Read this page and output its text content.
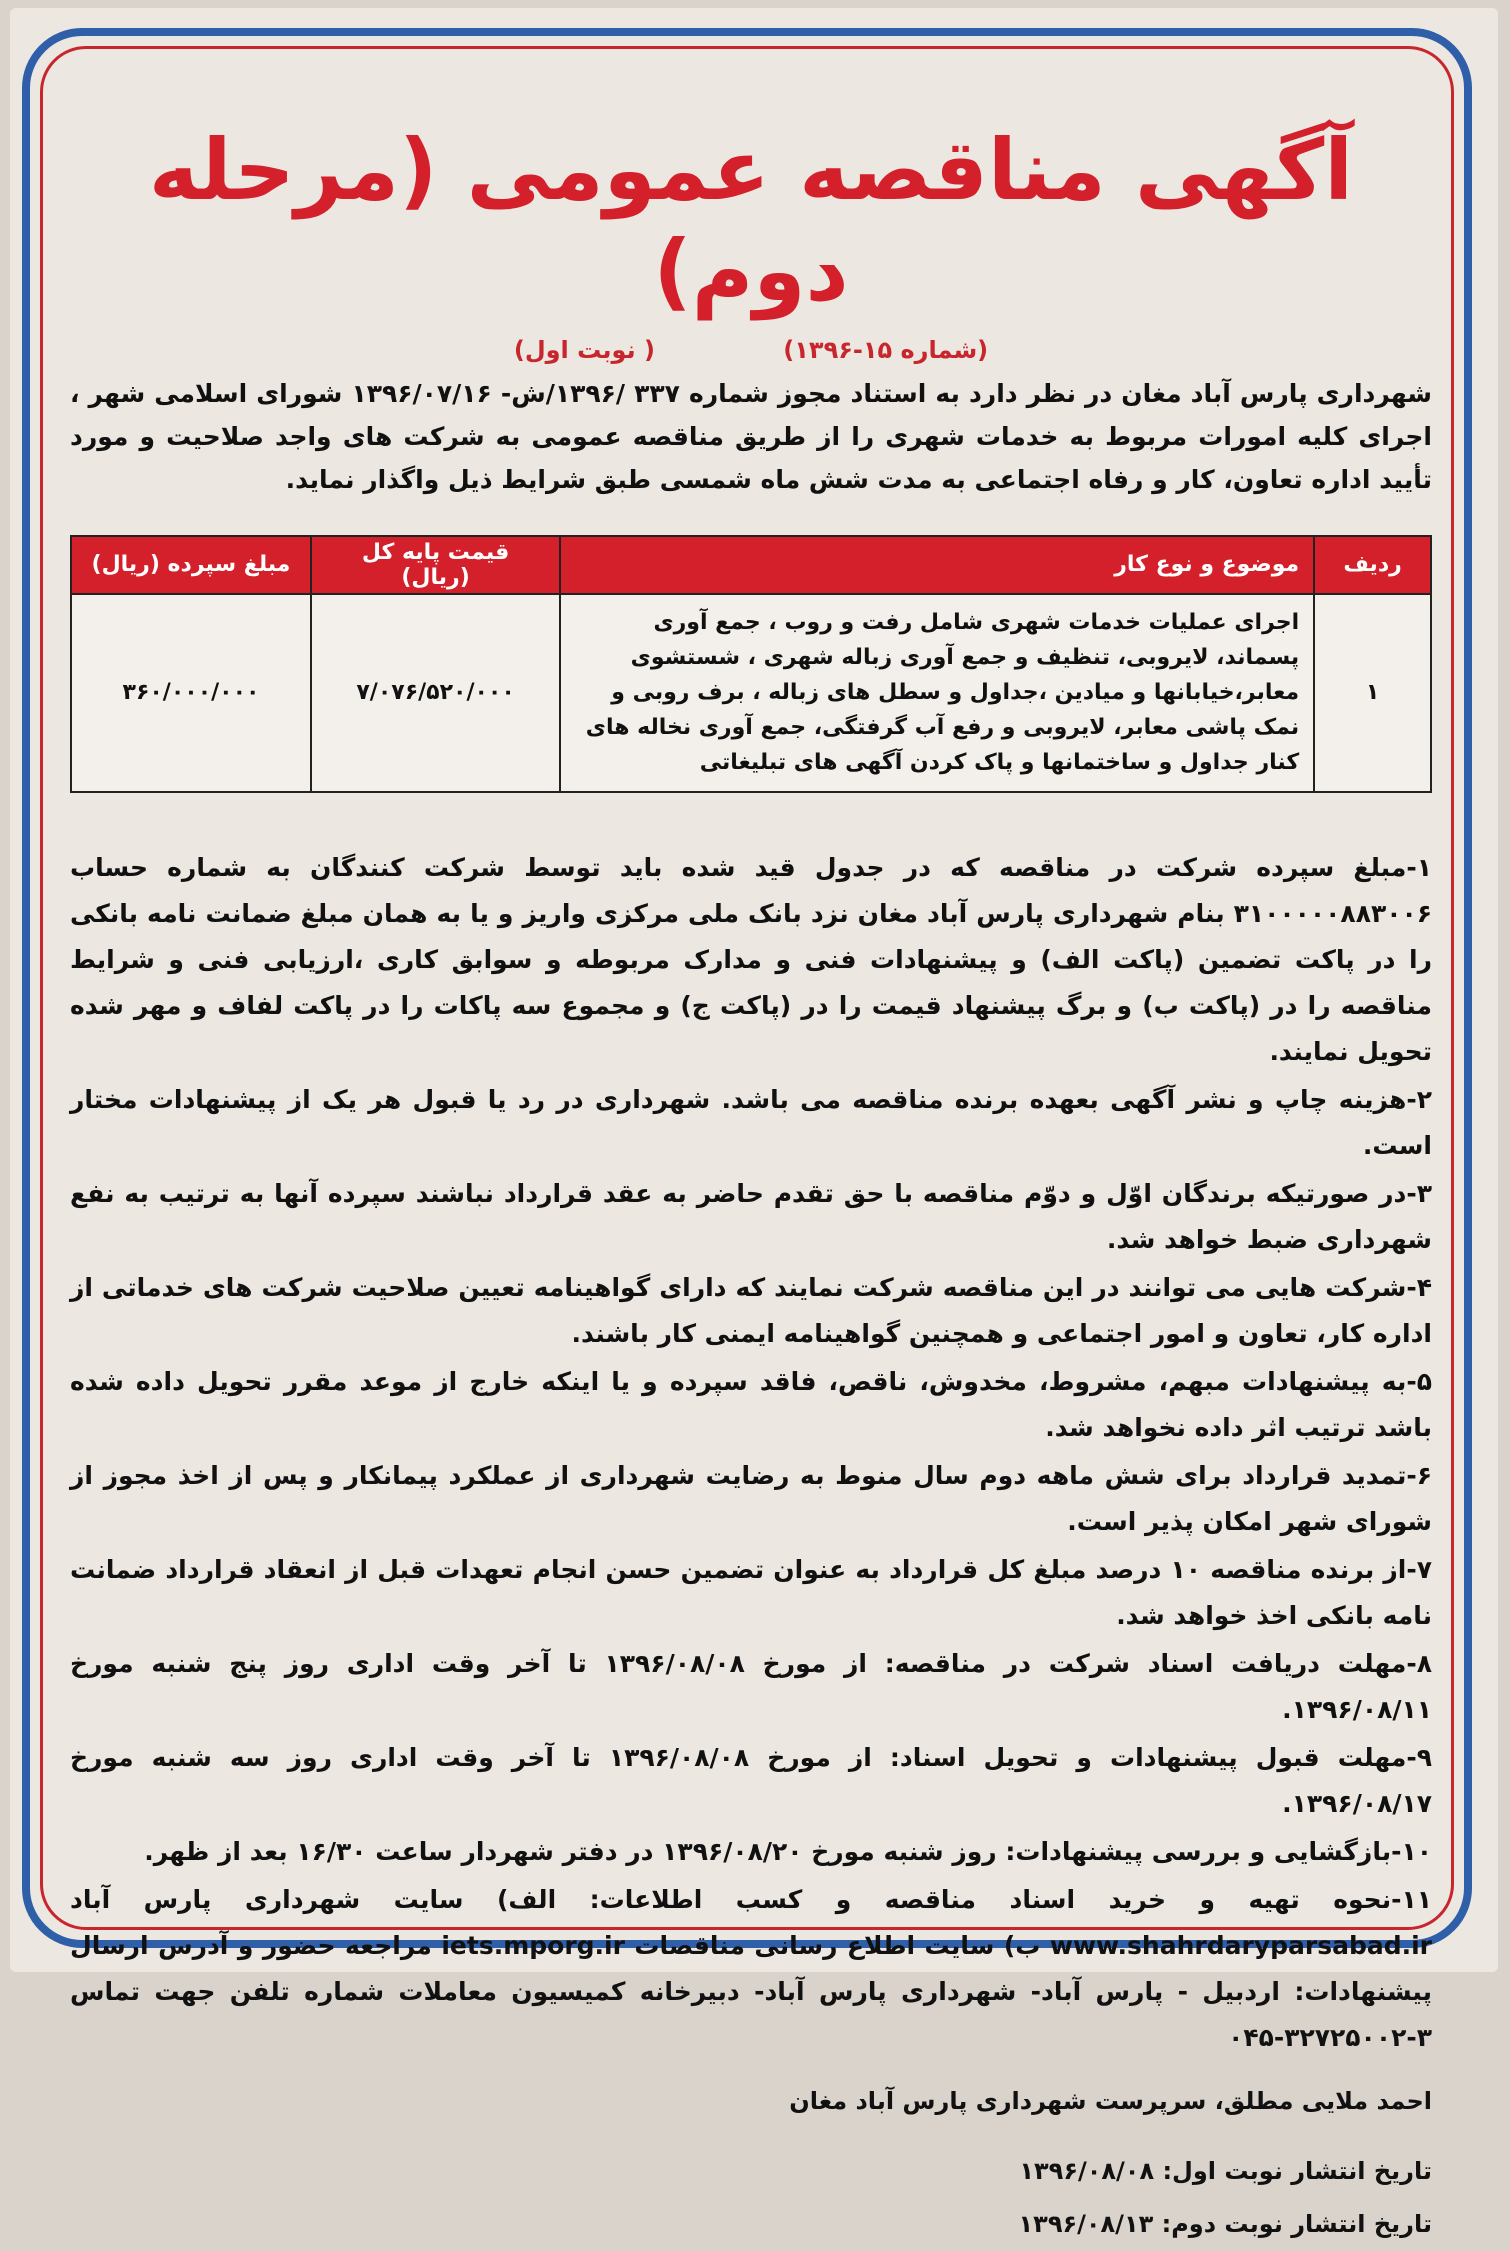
آگهی مناقصه عمومی (مرحله دوم)
(شماره ۱۵-۱۳۹۶) ( نوبت اول)
شهرداری پارس آباد مغان در نظر دارد به استناد مجوز شماره ۳۳۷ /۱۳۹۶/ش- ۱۳۹۶/۰۷/۱۶ شورای اسلامی شهر ، اجرای کلیه امورات مربوط به خدمات شهری را از طریق مناقصه عمومی به شرکت های واجد صلاحیت و مورد تأیید اداره تعاون، کار و رفاه اجتماعی به مدت شش ماه شمسی طبق شرایط ذیل واگذار نماید.
ردیف	موضوع و نوع کار	قیمت پایه کل (ریال)	مبلغ سپرده (ریال)
۱	اجرای عملیات خدمات شهری شامل رفت و روب ، جمع آوری پسماند، لایروبی، تنظیف و جمع آوری زباله شهری ، شستشوی معابر،خیابانها و میادین ،جداول و سطل های زباله ، برف روبی و نمک پاشی معابر، لایروبی و رفع آب گرفتگی، جمع آوری نخاله های کنار جداول و ساختمانها و پاک کردن آگهی های تبلیغاتی	۷/۰۷۶/۵۲۰/۰۰۰	۳۶۰/۰۰۰/۰۰۰

۱-مبلغ سپرده شرکت در مناقصه که در جدول قید شده باید توسط شرکت کنندگان به شماره حساب ۳۱۰۰۰۰۰۸۸۳۰۰۶ بنام شهرداری پارس آباد مغان نزد بانک ملی مرکزی واریز و یا به همان مبلغ ضمانت نامه بانکی را در پاکت تضمین (پاکت الف) و پیشنهادات فنی و مدارک مربوطه و سوابق کاری ،ارزیابی فنی و شرایط مناقصه را در (پاکت ب) و برگ پیشنهاد قیمت را در (پاکت ج) و مجموع سه پاکات را در پاکت لفاف و مهر شده تحویل نمایند.

۲-هزینه چاپ و نشر آگهی بعهده برنده مناقصه می باشد. شهرداری در رد یا قبول هر یک از پیشنهادات مختار است.

۳-در صورتیکه برندگان اوّل و دوّم مناقصه با حق تقدم حاضر به عقد قرارداد نباشند سپرده آنها به ترتیب به نفع شهرداری ضبط خواهد شد.

۴-شرکت هایی می توانند در این مناقصه شرکت نمایند که دارای گواهینامه تعیین صلاحیت شرکت های خدماتی از اداره کار، تعاون و امور اجتماعی و همچنین گواهینامه ایمنی کار باشند.

۵-به پیشنهادات مبهم، مشروط، مخدوش، ناقص، فاقد سپرده و یا اینکه خارج از موعد مقرر تحویل داده شده باشد ترتیب اثر داده نخواهد شد.

۶-تمدید قرارداد برای شش ماهه دوم سال منوط به رضایت شهرداری از عملکرد پیمانکار و پس از اخذ مجوز از شورای شهر امکان پذیر است.

۷-از برنده مناقصه ۱۰ درصد مبلغ کل قرارداد به عنوان تضمین حسن انجام تعهدات قبل از انعقاد قرارداد ضمانت نامه بانکی اخذ خواهد شد.

۸-مهلت دریافت اسناد شرکت در مناقصه: از مورخ ۱۳۹۶/۰۸/۰۸ تا آخر وقت اداری روز پنج شنبه مورخ ۱۳۹۶/۰۸/۱۱.

۹-مهلت قبول پیشنهادات و تحویل اسناد: از مورخ ۱۳۹۶/۰۸/۰۸ تا آخر وقت اداری روز سه شنبه مورخ ۱۳۹۶/۰۸/۱۷.

۱۰-بازگشایی و بررسی پیشنهادات: روز شنبه مورخ ۱۳۹۶/۰۸/۲۰ در دفتر شهردار ساعت ۱۶/۳۰ بعد از ظهر.

۱۱-نحوه تهیه و خرید اسناد مناقصه و کسب اطلاعات: الف) سایت شهرداری پارس آباد www.shahrdaryparsabad.ir ب) سایت اطلاع رسانی مناقصات iets.mporg.ir مراجعه حضور و آدرس ارسال پیشنهادات: اردبیل - پارس آباد- شهرداری پارس آباد- دبیرخانه کمیسیون معاملات شماره تلفن جهت تماس ۳-۳۲۷۲۵۰۰۲-۰۴۵

احمد ملایی مطلق، سرپرست شهرداری پارس آباد مغان
تاریخ انتشار نوبت اول: ۱۳۹۶/۰۸/۰۸
تاریخ انتشار نوبت دوم: ۱۳۹۶/۰۸/۱۳
